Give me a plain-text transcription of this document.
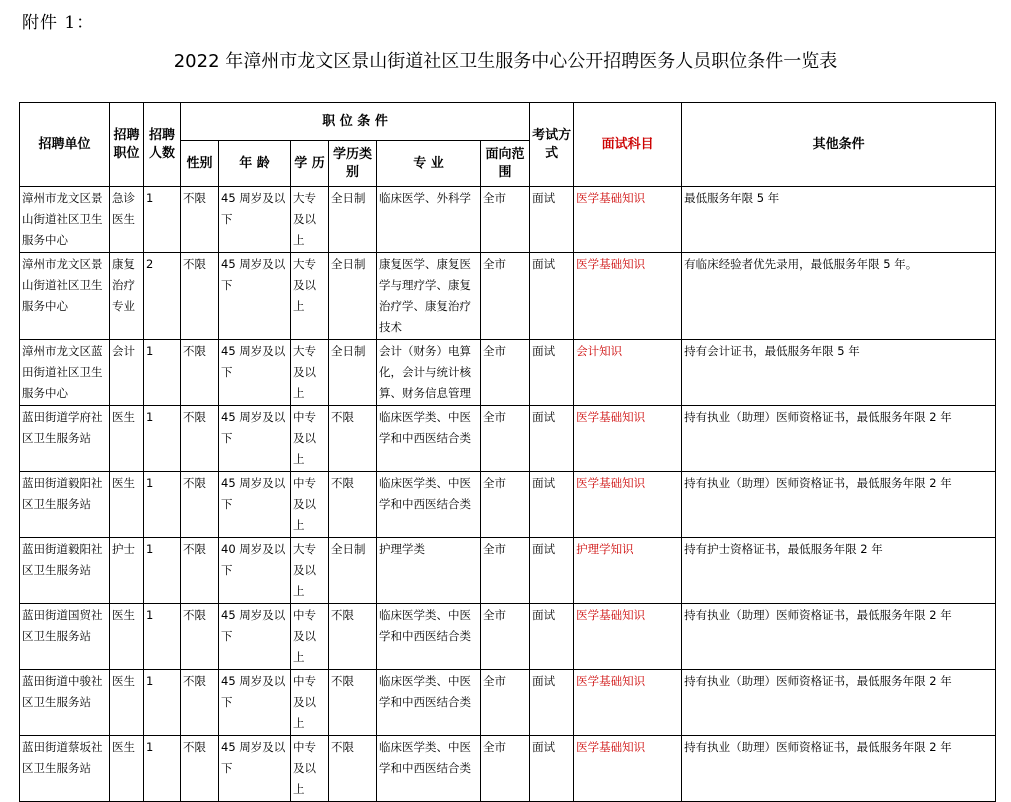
附件 1：
2022 年漳州市龙文区景山街道社区卫生服务中心公开招聘医务人员职位条件一览表
招聘单位	招聘职位	招聘人数	职 位 条 件						考试方式	面试科目	其他条件
			性别	年 龄	学 历	学历类别	专 业	面向范围			
漳州市龙文区景山街道社区卫生服务中心	急诊医生	1	不限	45 周岁及以下	大专及以上	全日制	临床医学、外科学	全市	面试	医学基础知识	最低服务年限 5 年
漳州市龙文区景山街道社区卫生服务中心	康复治疗专业	2	不限	45 周岁及以下	大专及以上	全日制	康复医学、康复医学与理疗学、康复治疗学、康复治疗技术	全市	面试	医学基础知识	有临床经验者优先录用，最低服务年限 5 年。
漳州市龙文区蓝田街道社区卫生服务中心	会计	1	不限	45 周岁及以下	大专及以上	全日制	会计（财务）电算化，会计与统计核算、财务信息管理	全市	面试	会计知识	持有会计证书，最低服务年限 5 年
蓝田街道学府社区卫生服务站	医生	1	不限	45 周岁及以下	中专及以上	不限	临床医学类、中医学和中西医结合类	全市	面试	医学基础知识	持有执业（助理）医师资格证书，最低服务年限 2 年
蓝田街道毅阳社区卫生服务站	医生	1	不限	45 周岁及以下	中专及以上	不限	临床医学类、中医学和中西医结合类	全市	面试	医学基础知识	持有执业（助理）医师资格证书，最低服务年限 2 年
蓝田街道毅阳社区卫生服务站	护士	1	不限	40 周岁及以下	大专及以上	全日制	护理学类	全市	面试	护理学知识	持有护士资格证书，最低服务年限 2 年
蓝田街道国贸社区卫生服务站	医生	1	不限	45 周岁及以下	中专及以上	不限	临床医学类、中医学和中西医结合类	全市	面试	医学基础知识	持有执业（助理）医师资格证书，最低服务年限 2 年
蓝田街道中骏社区卫生服务站	医生	1	不限	45 周岁及以下	中专及以上	不限	临床医学类、中医学和中西医结合类	全市	面试	医学基础知识	持有执业（助理）医师资格证书，最低服务年限 2 年
蓝田街道蔡坂社区卫生服务站	医生	1	不限	45 周岁及以下	中专及以上	不限	临床医学类、中医学和中西医结合类	全市	面试	医学基础知识	持有执业（助理）医师资格证书，最低服务年限 2 年
